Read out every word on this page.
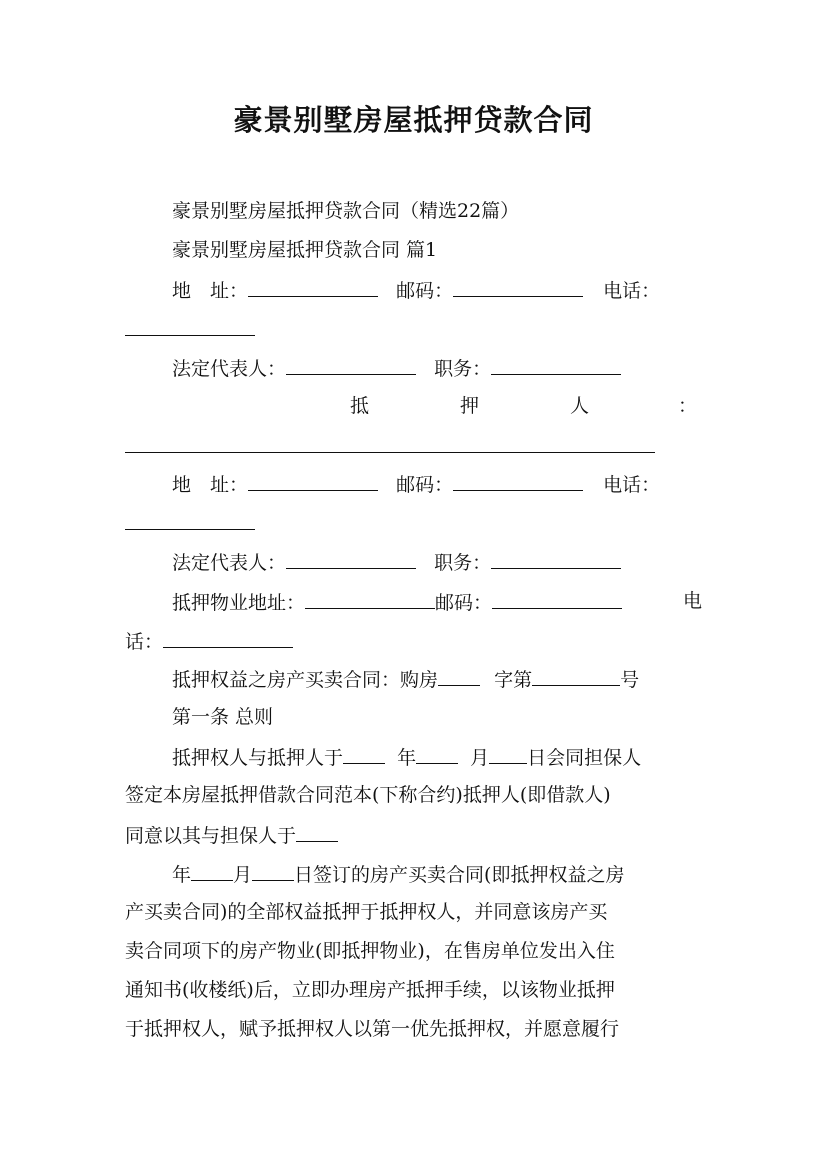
豪景别墅房屋抵押贷款合同
豪景别墅房屋抵押贷款合同（精选22篇）
豪景别墅房屋抵押贷款合同 篇1
地　址：	邮码：	电话：
法定代表人：	职务：
抵	押	人	：
地　址：	邮码：	电话：
法定代表人：	职务：
抵押物业地址：	邮码：	电
话：
抵押权益之房产买卖合同：购房	字第	号
第一条 总则
抵押权人与抵押人于	年	月 日会同担保人
签定本房屋抵押借款合同范本(下称合约)抵押人(即借款人)
同意以其与担保人于
年 月 日签订的房产买卖合同(即抵押权益之房
产买卖合同)的全部权益抵押于抵押权人，并同意该房产买
卖合同项下的房产物业(即抵押物业)，在售房单位发出入住
通知书(收楼纸)后，立即办理房产抵押手续，以该物业抵押
于抵押权人，赋予抵押权人以第一优先抵押权，并愿意履行
